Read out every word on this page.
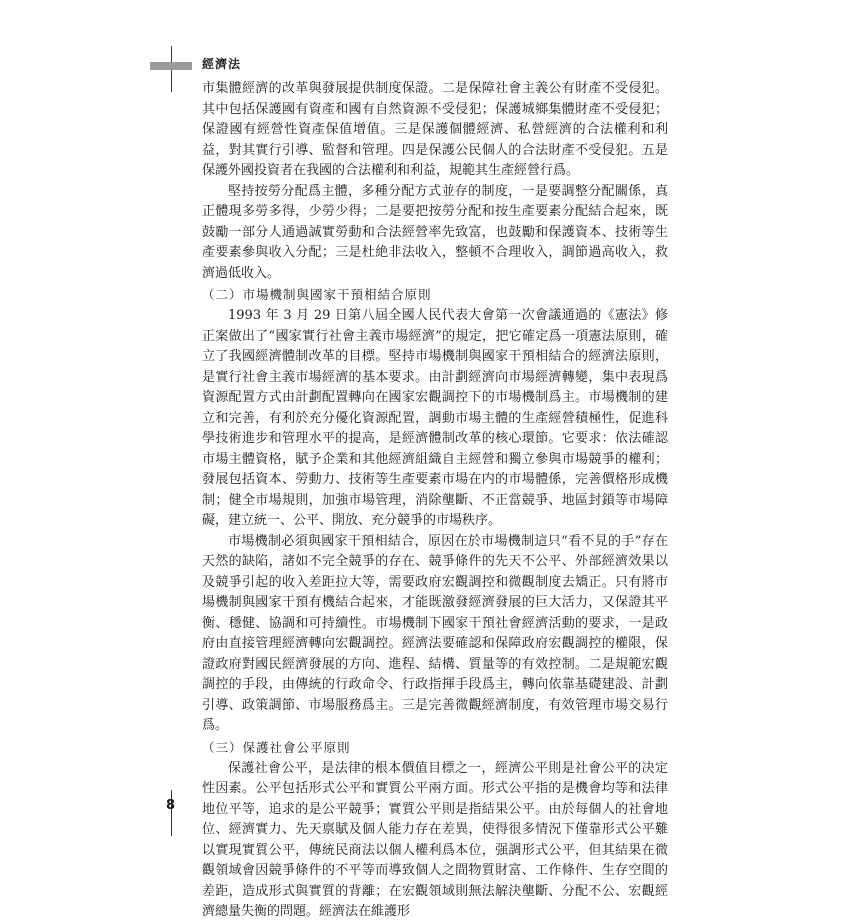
經濟法

市集體經濟的改革與發展提供制度保證。二是保障社會主義公有財產不受侵犯。其中包括保護國有資產和國有自然資源不受侵犯；保護城鄉集體財產不受侵犯；保證國有經營性資產保值增值。三是保護個體經濟、私營經濟的合法權利和利益，對其實行引導、監督和管理。四是保護公民個人的合法財產不受侵犯。五是保護外國投資者在我國的合法權利和利益，規範其生產經營行爲。

堅持按勞分配爲主體，多種分配方式並存的制度，一是要調整分配關係，真正體現多勞多得，少勞少得；二是要把按勞分配和按生產要素分配結合起來，既鼓勵一部分人通過誠實勞動和合法經營率先致富，也鼓勵和保護資本、技術等生產要素參與收入分配；三是杜絶非法收入，整頓不合理收入，調節過高收入，救濟過低收入。

（二）市場機制與國家干預相結合原則

1993 年 3 月 29 日第八屆全國人民代表大會第一次會議通過的《憲法》修正案做出了“國家實行社會主義市場經濟”的規定，把它確定爲一項憲法原則，確立了我國經濟體制改革的目標。堅持市場機制與國家干預相結合的經濟法原則，是實行社會主義市場經濟的基本要求。由計劃經濟向市場經濟轉變，集中表現爲資源配置方式由計劃配置轉向在國家宏觀調控下的市場機制爲主。市場機制的建立和完善，有利於充分優化資源配置，調動市場主體的生產經營積極性，促進科學技術進步和管理水平的提高，是經濟體制改革的核心環節。它要求：依法確認市場主體資格，賦予企業和其他經濟組織自主經營和獨立參與市場競爭的權利；發展包括資本、勞動力、技術等生產要素市場在内的市場體係，完善價格形成機制；健全市場規則，加強市場管理，消除壟斷、不正當競爭、地區封鎖等市場障礙，建立統一、公平、開放、充分競爭的市場秩序。

市場機制必須與國家干預相結合，原因在於市場機制這只“看不見的手”存在天然的缺陷，諸如不完全競爭的存在、競爭條件的先天不公平、外部經濟效果以及競爭引起的收入差距拉大等，需要政府宏觀調控和微觀制度去矯正。只有將市場機制與國家干預有機結合起來，才能既激發經濟發展的巨大活力，又保證其平衡、穩健、協調和可持續性。市場機制下國家干預社會經濟活動的要求，一是政府由直接管理經濟轉向宏觀調控。經濟法要確認和保障政府宏觀調控的權限，保證政府對國民經濟發展的方向、進程、結構、質量等的有效控制。二是規範宏觀調控的手段，由傳統的行政命令、行政指揮手段爲主，轉向依靠基礎建設、計劃引導、政策調節、市場服務爲主。三是完善微觀經濟制度，有效管理市場交易行爲。

（三）保護社會公平原則

保護社會公平，是法律的根本價值目標之一，經濟公平則是社會公平的决定性因素。公平包括形式公平和實質公平兩方面。形式公平指的是機會均等和法律地位平等，追求的是公平競爭；實質公平則是指結果公平。由於每個人的社會地位、經濟實力、先天禀賦及個人能力存在差異，使得很多情況下僅靠形式公平難以實現實質公平，傳統民商法以個人權利爲本位，强調形式公平，但其結果在微觀領域會因競爭條件的不平等而導致個人之間物質財富、工作條件、生存空間的差距，造成形式與實質的背離；在宏觀領域則無法解決壟斷、分配不公、宏觀經濟總量失衡的問題。經濟法在維護形

8
